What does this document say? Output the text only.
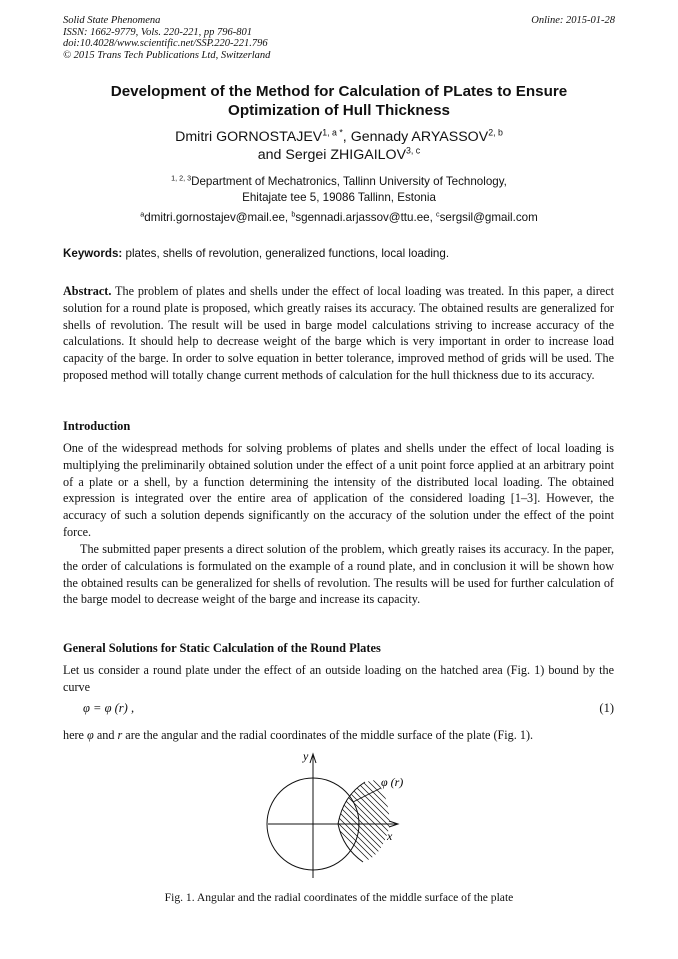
Solid State Phenomena
ISSN: 1662-9779, Vols. 220-221, pp 796-801
doi:10.4028/www.scientific.net/SSP.220-221.796
© 2015 Trans Tech Publications Ltd, Switzerland
Online: 2015-01-28
Development of the Method for Calculation of PLates to Ensure
Optimization of Hull Thickness
Dmitri $GORNOSTAJEV^{1, a *}$, Gennady ARYASSOV$^{2, b}$
and Sergei ZHIGAILOV$^{3, c}$
$^{1, 2, 3}$Department of Mechatronics, Tallinn University of Technology,
Ehitajate tee 5, 19086 Tallinn, Estonia
$^a$dmitri.gornostajev@mail.ee, $^b$sgennadi.arjassov@ttu.ee, $^c$sergsil@gmail.com
Keywords: plates, shells of revolution, generalized functions, local loading.
Abstract. The problem of plates and shells under the effect of local loading was treated. In this paper, a direct solution for a round plate is proposed, which greatly raises its accuracy. The obtained results are generalized for shells of revolution. The result will be used in barge model calculations striving to increase accuracy of the calculations. It should help to decrease weight of the barge which is very important in order to increase load capacity of the barge. In order to solve equation in better tolerance, improved method of grids will be used. The proposed method will totally change current methods of calculation for the hull thickness due to its accuracy.
Introduction
One of the widespread methods for solving problems of plates and shells under the effect of local loading is multiplying the preliminarily obtained solution under the effect of a unit point force applied at an arbitrary point of a plate or a shell, by a function determining the intensity of the distributed local loading. The obtained expression is integrated over the entire area of application of the considered loading [1–3]. However, the accuracy of such a solution depends significantly on the accuracy of the solution under the effect of the point force.
The submitted paper presents a direct solution of the problem, which greatly raises its accuracy. In the paper, the order of calculations is formulated on the example of a round plate, and in conclusion it will be shown how the obtained results can be generalized for shells of revolution. The results will be used for further calculation of the barge model to decrease weight of the barge and increase its capacity.
General Solutions for Static Calculation of the Round Plates
Let us consider a round plate under the effect of an outside loading on the hatched area (Fig. 1) bound by the curve
φ = φ (r) ,	(1)
here φ and r are the angular and the radial coordinates of the middle surface of the plate (Fig. 1).
y
x
φ (r)
Fig. 1. Angular and the radial coordinates of the middle surface of the plate
